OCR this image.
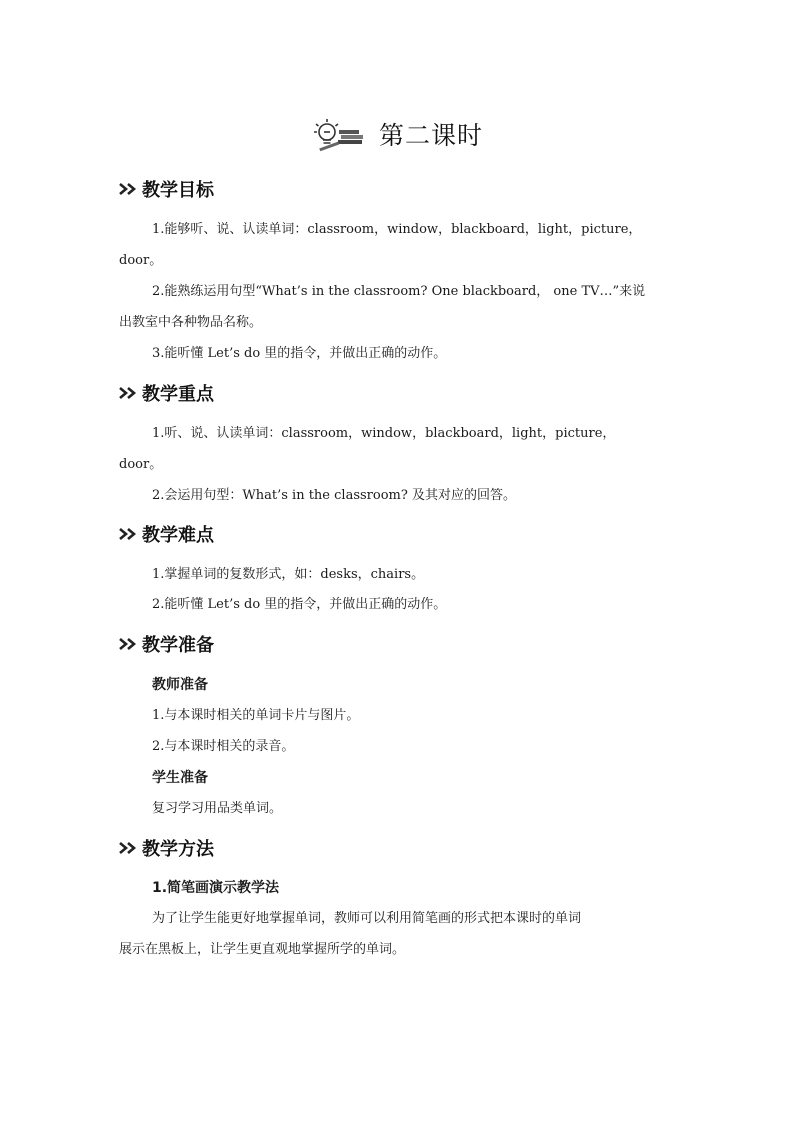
第二课时
教学目标
1.能够听、说、认读单词：classroom，window，blackboard，light，picture，
door。
2.能熟练运用句型“What’s in the classroom? One blackboard， one TV…”来说
出教室中各种物品名称。
3.能听懂 Let’s do 里的指令，并做出正确的动作。
教学重点
1.听、说、认读单词：classroom，window，blackboard，light，picture，
door。
2.会运用句型：What’s in the classroom? 及其对应的回答。
教学难点
1.掌握单词的复数形式，如：desks，chairs。
2.能听懂 Let’s do 里的指令，并做出正确的动作。
教学准备
教师准备
1.与本课时相关的单词卡片与图片。
2.与本课时相关的录音。
学生准备
复习学习用品类单词。
教学方法
1.简笔画演示教学法
为了让学生能更好地掌握单词，教师可以利用简笔画的形式把本课时的单词
展示在黑板上，让学生更直观地掌握所学的单词。
